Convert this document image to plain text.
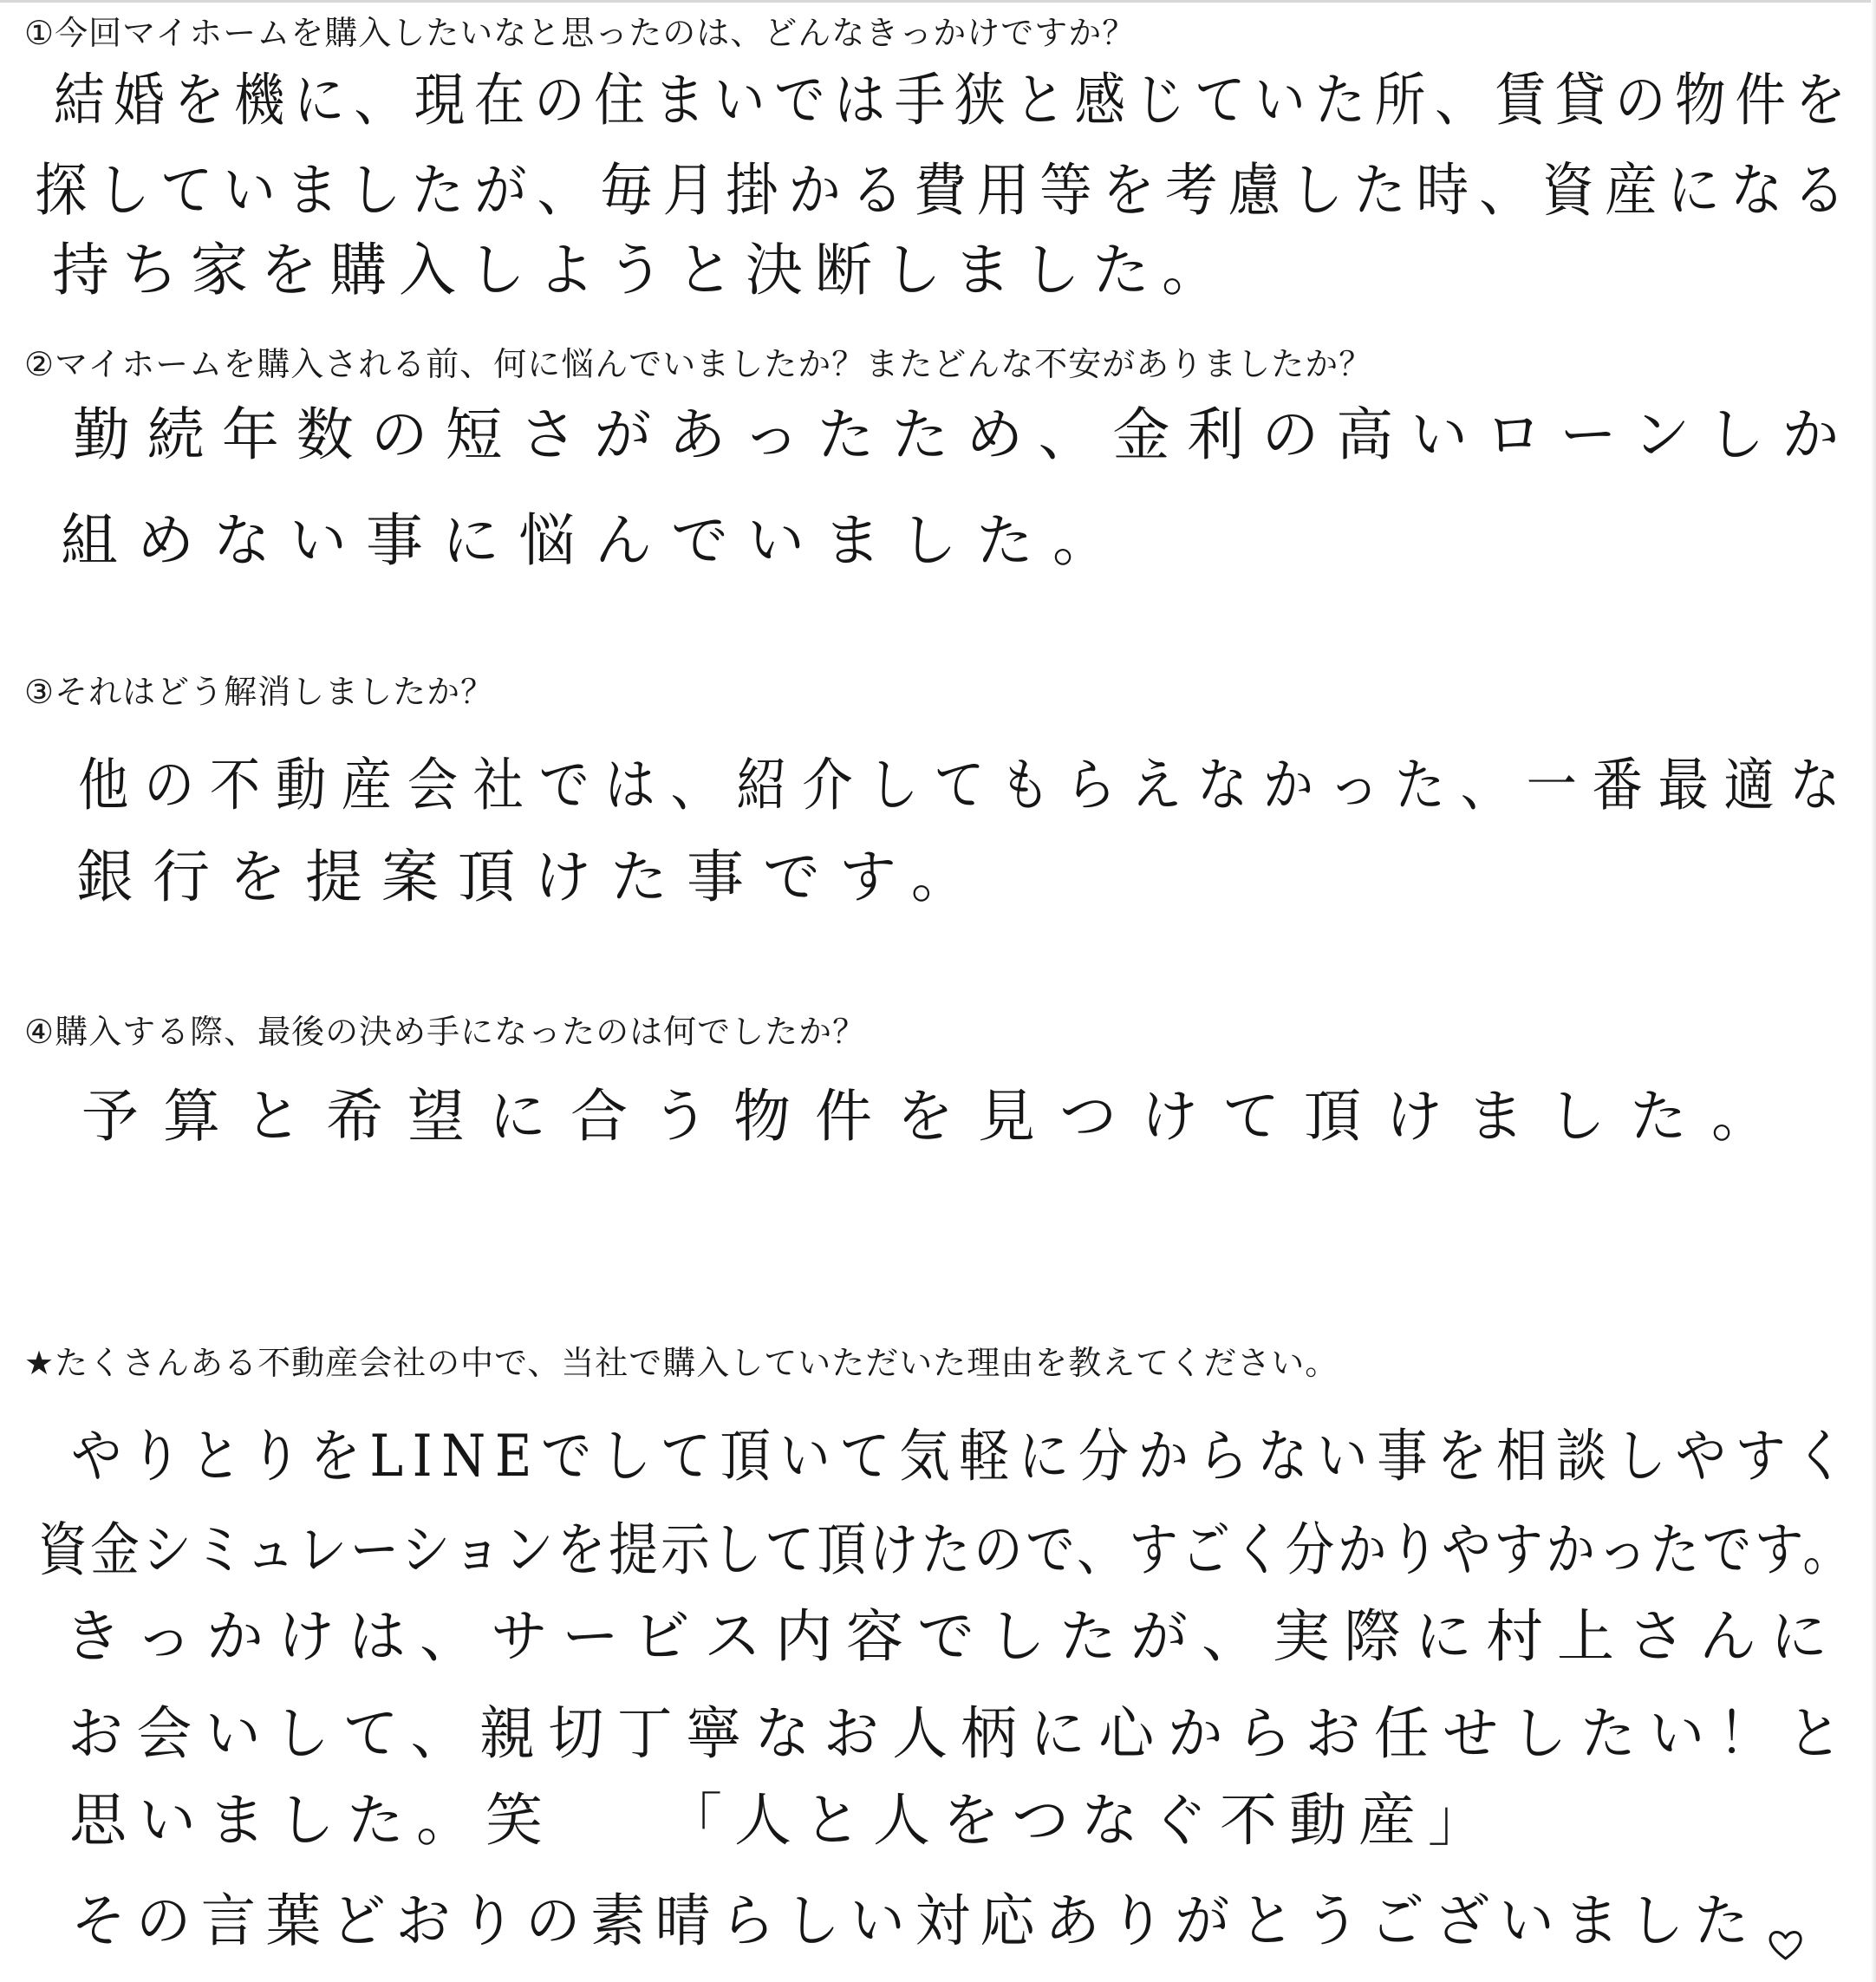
①今回マイホームを購入したいなと思ったのは、どんなきっかけですか？
結婚を機に、現在の住まいでは手狭と感じていた所、賃貸の物件を
探していましたが、毎月掛かる費用等を考慮した時、資産になる
持ち家を購入しようと決断しました。
②マイホームを購入される前、何に悩んでいましたか？またどんな不安がありましたか？
勤続年数の短さがあったため、金利の高いローンしか
組めない事に悩んでいました。
③それはどう解消しましたか？
他の不動産会社では、紹介してもらえなかった、一番最適な
銀行を提案頂けた事です。
④購入する際、最後の決め手になったのは何でしたか？
予算と希望に合う物件を見つけて頂けました。
★たくさんある不動産会社の中で、当社で購入していただいた理由を教えてください。
やりとりをLINEでして頂いて気軽に分からない事を相談しやすく
資金シミュレーションを提示して頂けたので、すごく分かりやすかったです。
きっかけは、サービス内容でしたが、実際に村上さんに
お会いして、親切丁寧なお人柄に心からお任せしたい！と
思いました。笑　　「人と人をつなぐ不動産」
その言葉どおりの素晴らしい対応ありがとうございました
